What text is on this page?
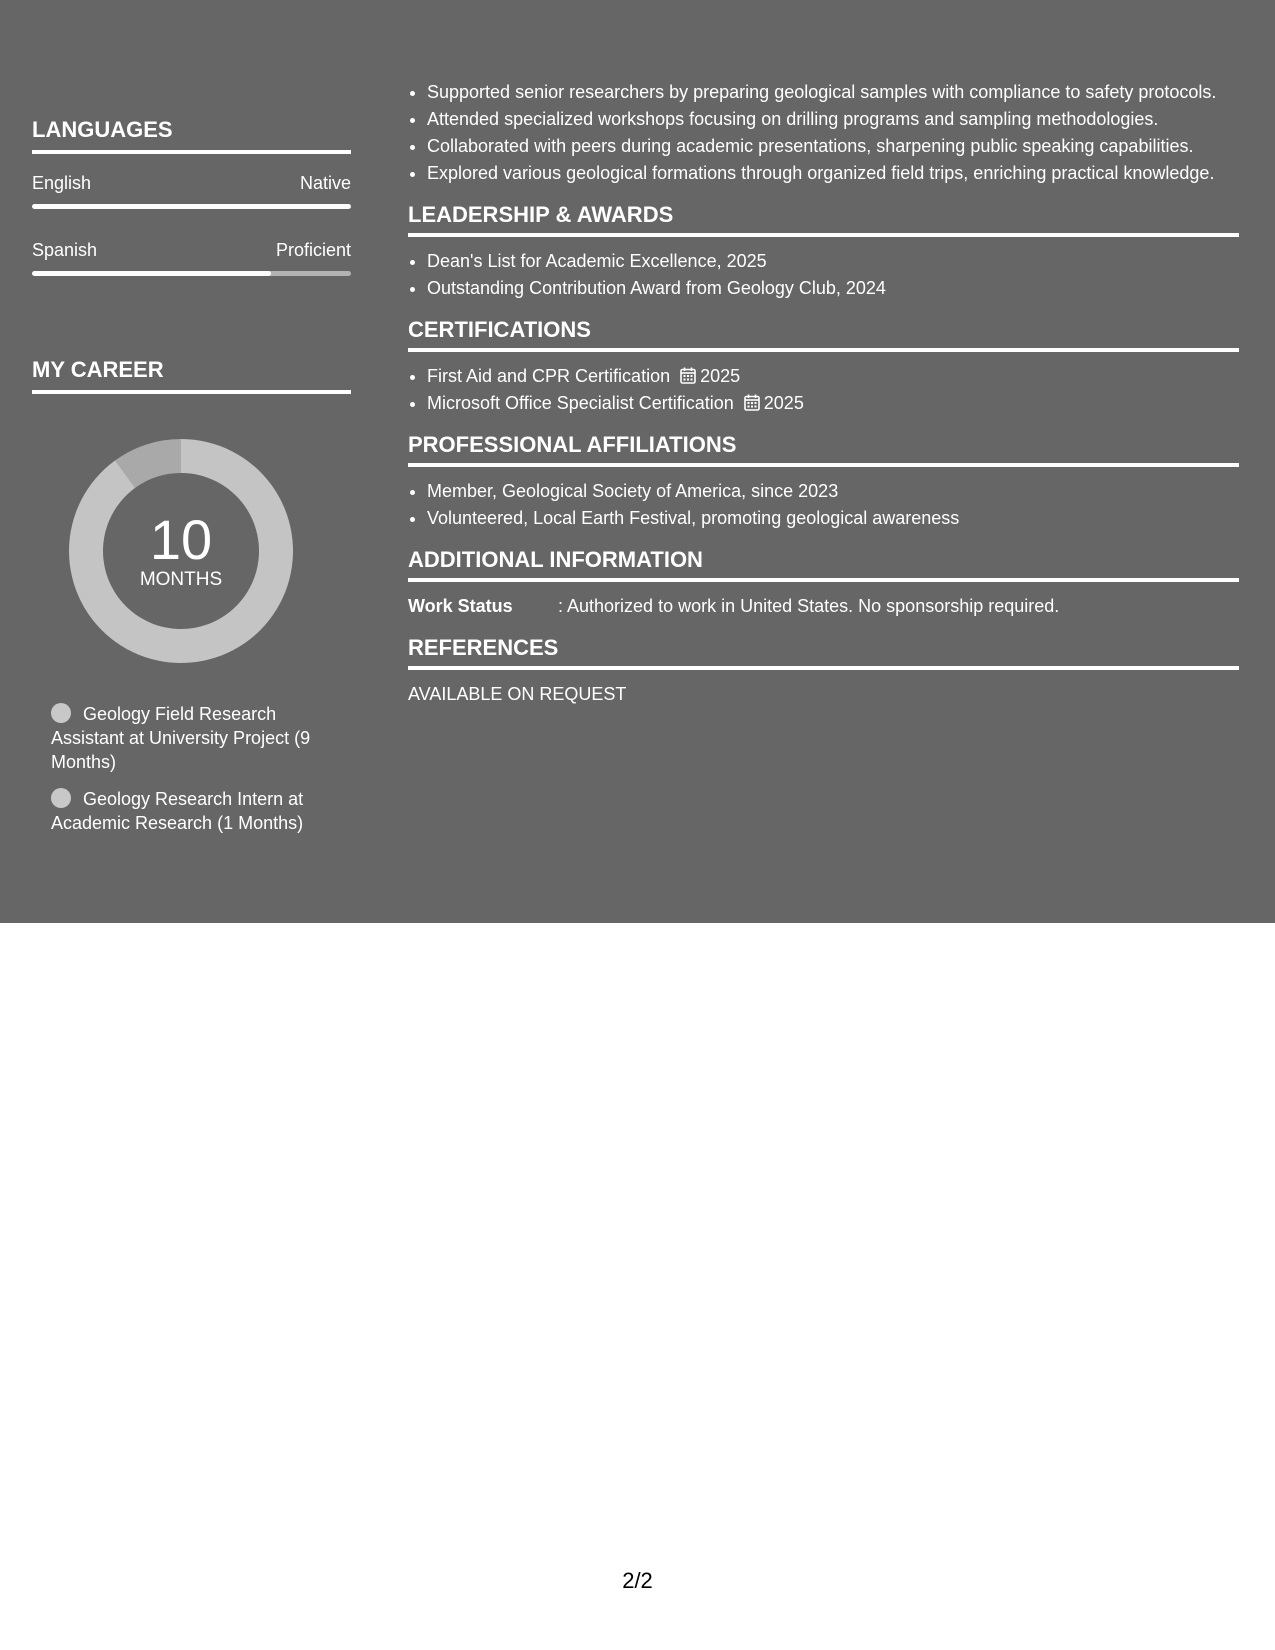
LANGUAGES
English	Native
Spanish	Proficient
MY CAREER
10
MONTHS
Geology Field Research Assistant at University Project (9 Months)
Geology Research Intern at Academic Research (1 Months)
• Supported senior researchers by preparing geological samples with compliance to safety protocols.
• Attended specialized workshops focusing on drilling programs and sampling methodologies.
• Collaborated with peers during academic presentations, sharpening public speaking capabilities.
• Explored various geological formations through organized field trips, enriching practical knowledge.
LEADERSHIP & AWARDS
• Dean's List for Academic Excellence, 2025
• Outstanding Contribution Award from Geology Club, 2024
CERTIFICATIONS
• First Aid and CPR Certification 2025
• Microsoft Office Specialist Certification 2025
PROFESSIONAL AFFILIATIONS
• Member, Geological Society of America, since 2023
• Volunteered, Local Earth Festival, promoting geological awareness
ADDITIONAL INFORMATION
Work Status	: Authorized to work in United States. No sponsorship required.
REFERENCES

AVAILABLE ON REQUEST

2/2
